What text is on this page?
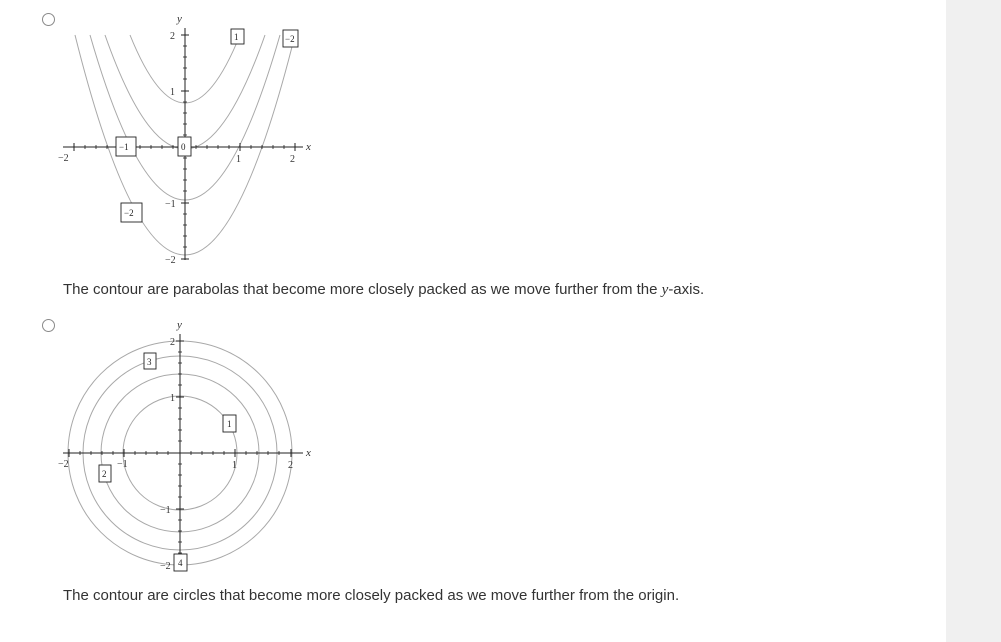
y
x
−2	1	2
2
1
−1
−2
1	−2
−1	0
−2
The contour are parabolas that become more closely packed as we move further from the y-axis.
y
x
−2	−1	1	2
2
1
−1
−2
3
1
2
4
The contour are circles that become more closely packed as we move further from the origin.
